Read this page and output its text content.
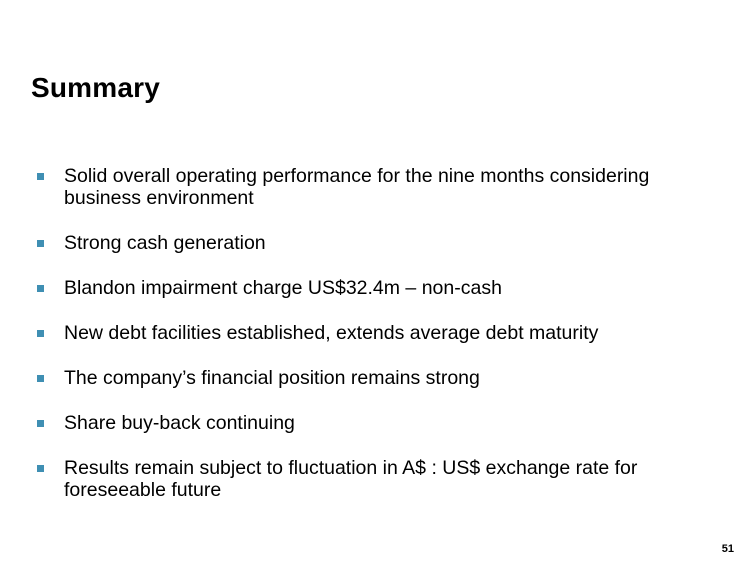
Summary
Solid overall operating performance for the nine months considering
business environment
Strong cash generation
Blandon impairment charge US$32.4m – non-cash
New debt facilities established, extends average debt maturity
The company’s financial position remains strong
Share buy-back continuing
Results remain subject to fluctuation in A$ : US$ exchange rate for
foreseeable future
51
